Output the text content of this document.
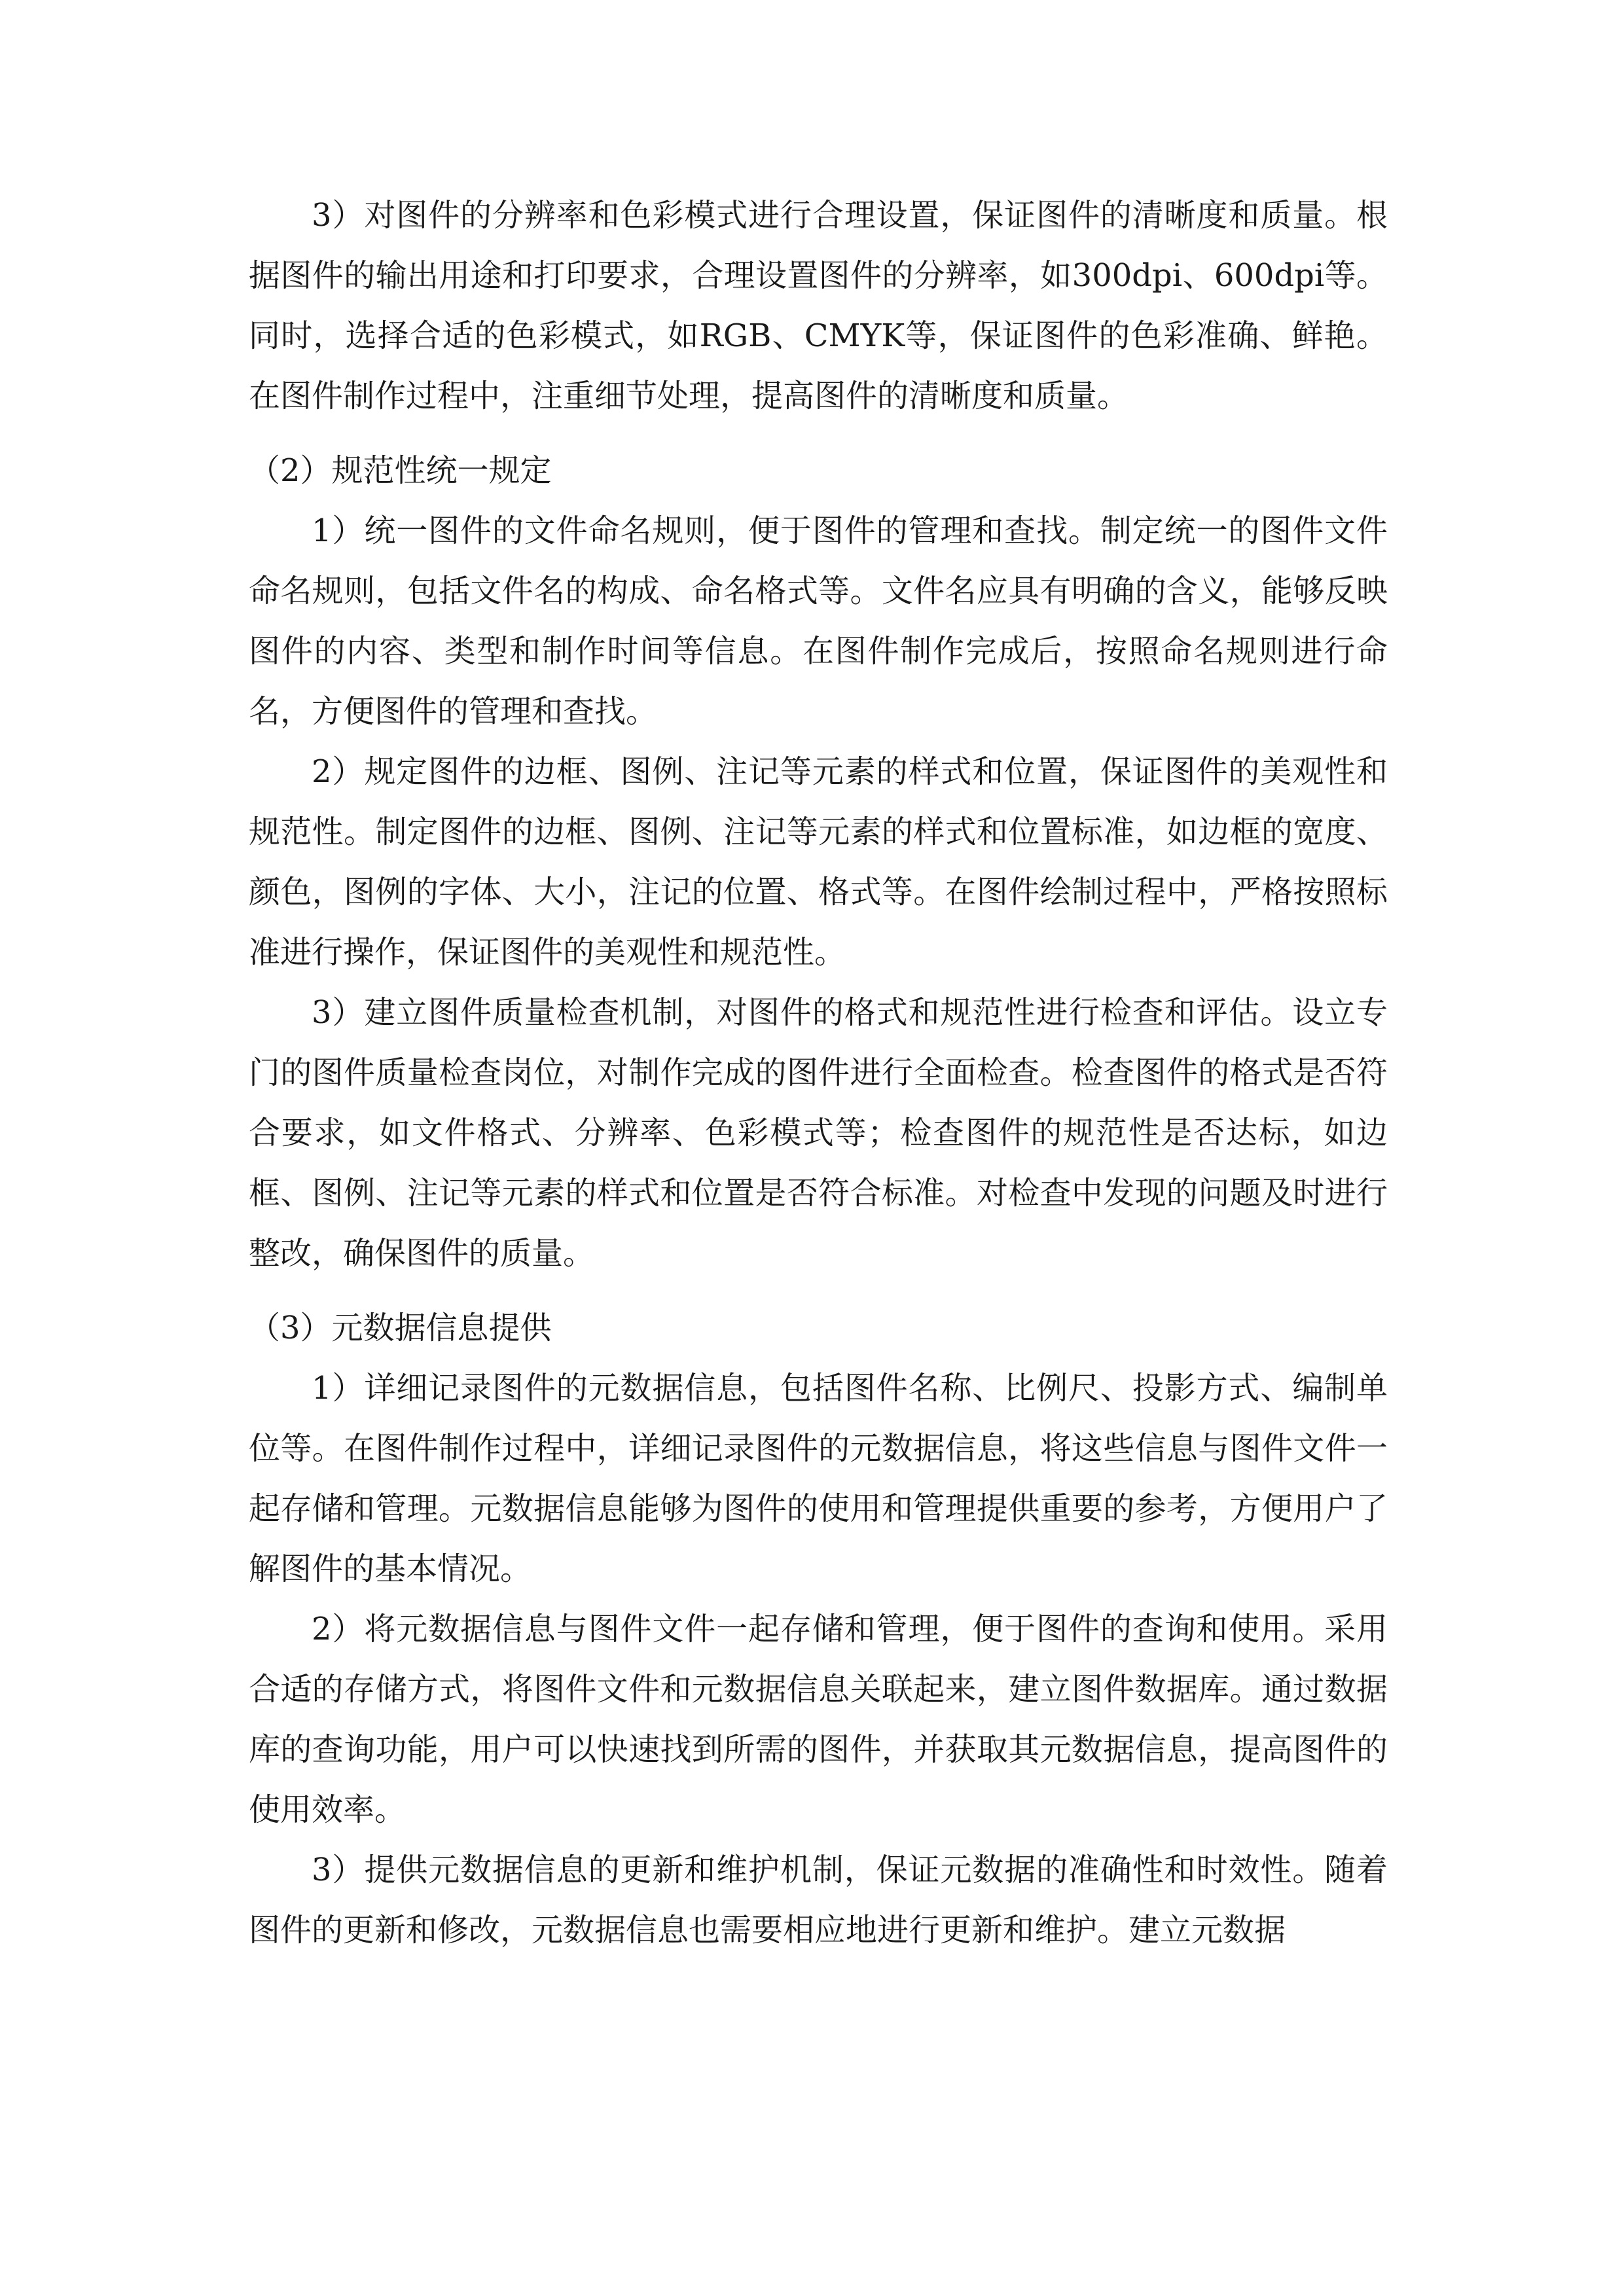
3）对图件的分辨率和色彩模式进行合理设置，保证图件的清晰度和质量。根据图件的输出用途和打印要求，合理设置图件的分辨率，如300dpi、600dpi等。同时，选择合适的色彩模式，如RGB、CMYK等，保证图件的色彩准确、鲜艳。在图件制作过程中，注重细节处理，提高图件的清晰度和质量。

（2）规范性统一规定

1）统一图件的文件命名规则，便于图件的管理和查找。制定统一的图件文件命名规则，包括文件名的构成、命名格式等。文件名应具有明确的含义，能够反映图件的内容、类型和制作时间等信息。在图件制作完成后，按照命名规则进行命名，方便图件的管理和查找。

2）规定图件的边框、图例、注记等元素的样式和位置，保证图件的美观性和规范性。制定图件的边框、图例、注记等元素的样式和位置标准，如边框的宽度、颜色，图例的字体、大小，注记的位置、格式等。在图件绘制过程中，严格按照标准进行操作，保证图件的美观性和规范性。

3）建立图件质量检查机制，对图件的格式和规范性进行检查和评估。设立专门的图件质量检查岗位，对制作完成的图件进行全面检查。检查图件的格式是否符合要求，如文件格式、分辨率、色彩模式等；检查图件的规范性是否达标，如边框、图例、注记等元素的样式和位置是否符合标准。对检查中发现的问题及时进行整改，确保图件的质量。

（3）元数据信息提供

1）详细记录图件的元数据信息，包括图件名称、比例尺、投影方式、编制单位等。在图件制作过程中，详细记录图件的元数据信息，将这些信息与图件文件一起存储和管理。元数据信息能够为图件的使用和管理提供重要的参考，方便用户了解图件的基本情况。

2）将元数据信息与图件文件一起存储和管理，便于图件的查询和使用。采用合适的存储方式，将图件文件和元数据信息关联起来，建立图件数据库。通过数据库的查询功能，用户可以快速找到所需的图件，并获取其元数据信息，提高图件的使用效率。

3）提供元数据信息的更新和维护机制，保证元数据的准确性和时效性。随着图件的更新和修改，元数据信息也需要相应地进行更新和维护。建立元数据
